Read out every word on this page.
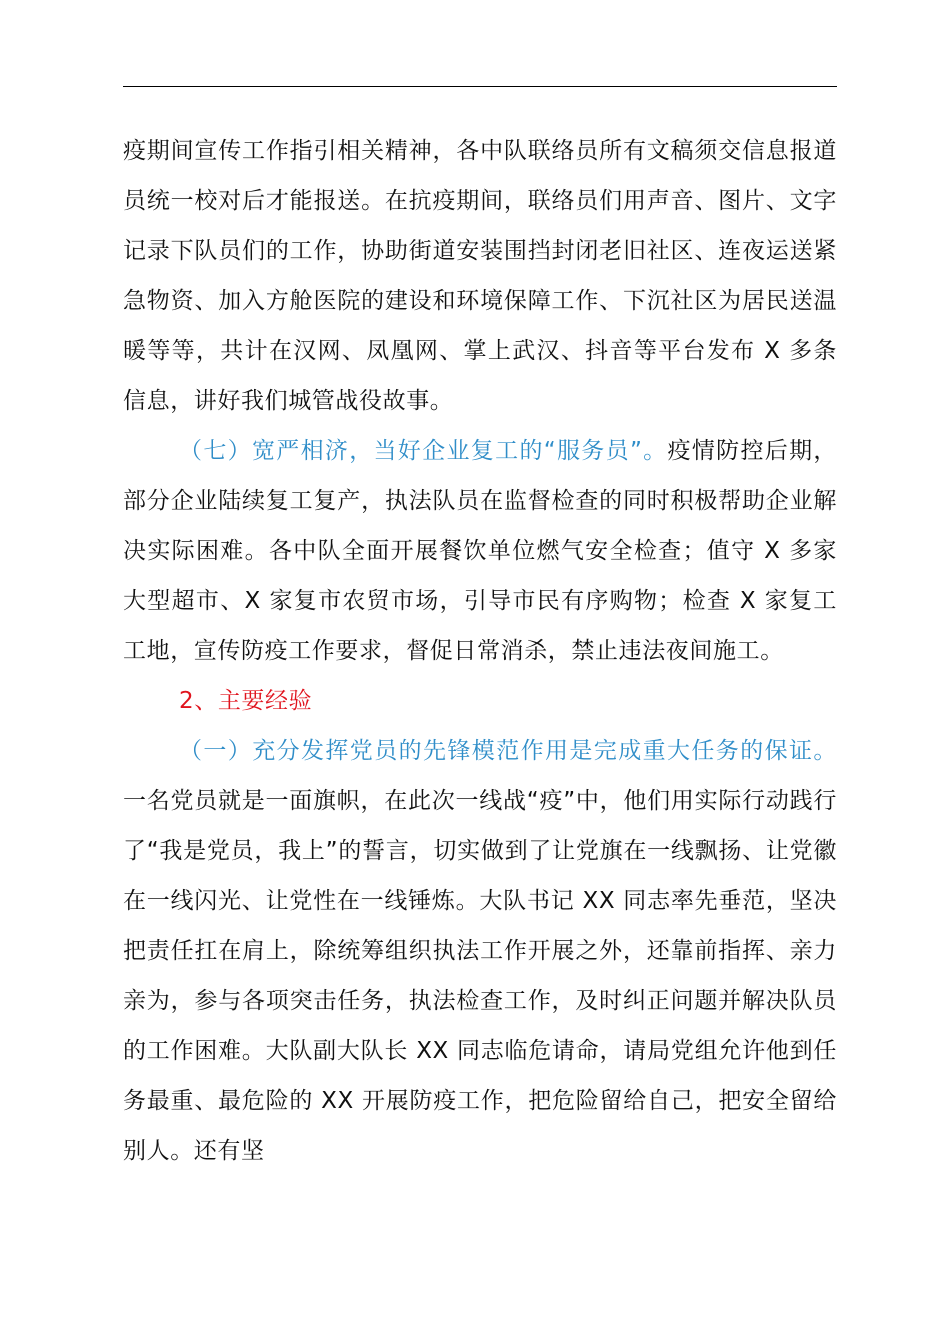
疫期间宣传工作指引相关精神，各中队联络员所有文稿须交信息报道员统一校对后才能报送。在抗疫期间，联络员们用声音、图片、文字记录下队员们的工作，协助街道安装围挡封闭老旧社区、连夜运送紧急物资、加入方舱医院的建设和环境保障工作、下沉社区为居民送温暖等等，共计在汉网、凤凰网、掌上武汉、抖音等平台发布 X 多条信息，讲好我们城管战役故事。

（七）宽严相济，当好企业复工的“服务员”。疫情防控后期，部分企业陆续复工复产，执法队员在监督检查的同时积极帮助企业解决实际困难。各中队全面开展餐饮单位燃气安全检查；值守 X 多家大型超市、X 家复市农贸市场，引导市民有序购物；检查 X 家复工工地，宣传防疫工作要求，督促日常消杀，禁止违法夜间施工。

2、主要经验

（一）充分发挥党员的先锋模范作用是完成重大任务的保证。一名党员就是一面旗帜，在此次一线战“疫”中，他们用实际行动践行了“我是党员，我上”的誓言，切实做到了让党旗在一线飘扬、让党徽在一线闪光、让党性在一线锤炼。大队书记 XX 同志率先垂范，坚决把责任扛在肩上，除统筹组织执法工作开展之外，还靠前指挥、亲力亲为，参与各项突击任务，执法检查工作，及时纠正问题并解决队员的工作困难。大队副大队长 XX 同志临危请命，请局党组允许他到任务最重、最危险的 XX 开展防疫工作，把危险留给自己，把安全留给别人。还有坚
